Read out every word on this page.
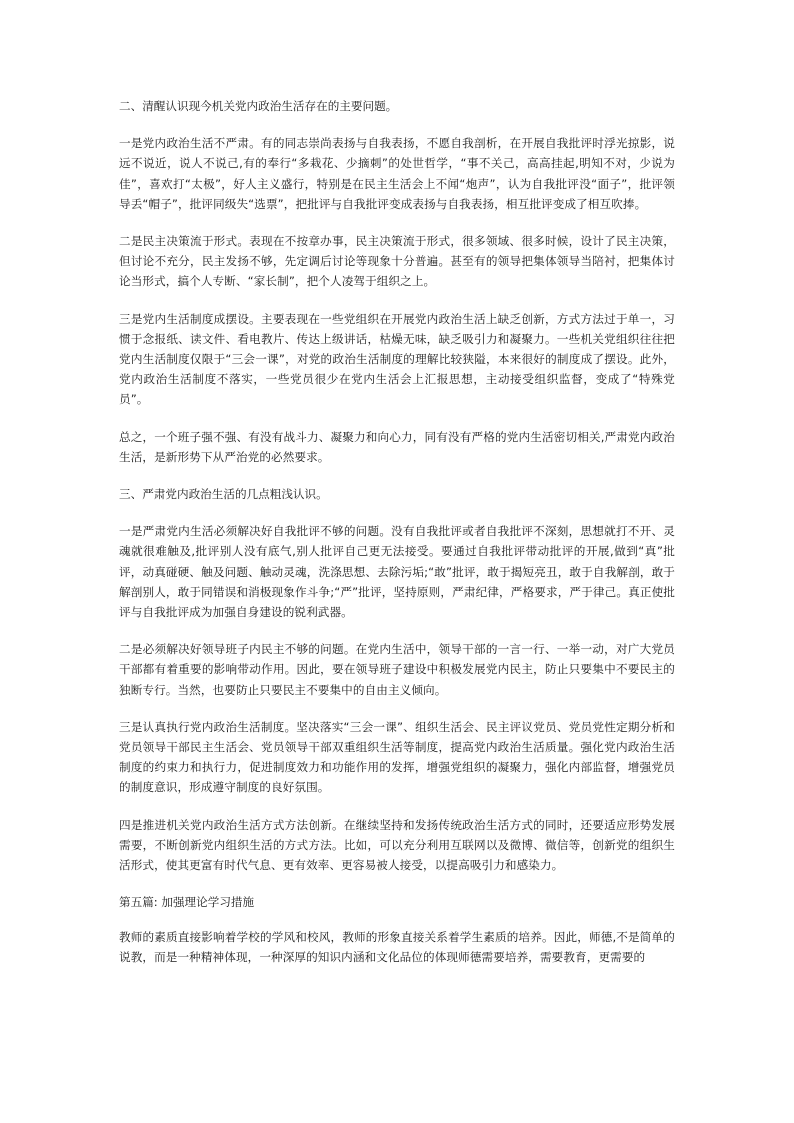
二、清醒认识现今机关党内政治生活存在的主要问题。

一是党内政治生活不严肃。有的同志崇尚表扬与自我表扬，不愿自我剖析，在开展自我批评时浮光掠影，说远不说近，说人不说己,有的奉行“多栽花、少摘刺”的处世哲学，“事不关己，高高挂起,明知不对，少说为佳”，喜欢打“太极”，好人主义盛行，特别是在民主生活会上不闻“炮声”，认为自我批评没“面子”，批评领导丢“帽子”，批评同级失“选票”，把批评与自我批评变成表扬与自我表扬，相互批评变成了相互吹捧。

二是民主决策流于形式。表现在不按章办事，民主决策流于形式，很多领域、很多时候，设计了民主决策，但讨论不充分，民主发扬不够，先定调后讨论等现象十分普遍。甚至有的领导把集体领导当陪衬，把集体讨论当形式，搞个人专断、“家长制”，把个人凌驾于组织之上。

三是党内生活制度成摆设。主要表现在一些党组织在开展党内政治生活上缺乏创新，方式方法过于单一，习惯于念报纸、读文件、看电教片、传达上级讲话，枯燥无味，缺乏吸引力和凝聚力。一些机关党组织往往把党内生活制度仅限于“三会一课”，对党的政治生活制度的理解比较狭隘，本来很好的制度成了摆设。此外，党内政治生活制度不落实，一些党员很少在党内生活会上汇报思想，主动接受组织监督，变成了“特殊党员”。

总之，一个班子强不强、有没有战斗力、凝聚力和向心力，同有没有严格的党内生活密切相关,严肃党内政治生活，是新形势下从严治党的必然要求。

三、严肃党内政治生活的几点粗浅认识。

一是严肃党内生活必须解决好自我批评不够的问题。没有自我批评或者自我批评不深刻，思想就打不开、灵魂就很难触及,批评别人没有底气,别人批评自己更无法接受。要通过自我批评带动批评的开展,做到“真”批评，动真碰硬、触及问题、触动灵魂，洗涤思想、去除污垢;“敢”批评，敢于揭短亮丑，敢于自我解剖，敢于解剖别人，敢于同错误和消极现象作斗争;“严”批评，坚持原则，严肃纪律，严格要求，严于律己。真正使批评与自我批评成为加强自身建设的锐利武器。

二是必须解决好领导班子内民主不够的问题。在党内生活中，领导干部的一言一行、一举一动，对广大党员干部都有着重要的影响带动作用。因此，要在领导班子建设中积极发展党内民主，防止只要集中不要民主的独断专行。当然，也要防止只要民主不要集中的自由主义倾向。

三是认真执行党内政治生活制度。坚决落实“三会一课”、组织生活会、民主评议党员、党员党性定期分析和党员领导干部民主生活会、党员领导干部双重组织生活等制度，提高党内政治生活质量。强化党内政治生活制度的约束力和执行力，促进制度效力和功能作用的发挥，增强党组织的凝聚力，强化内部监督，增强党员的制度意识，形成遵守制度的良好氛围。

四是推进机关党内政治生活方式方法创新。在继续坚持和发扬传统政治生活方式的同时，还要适应形势发展需要，不断创新党内组织生活的方式方法。比如，可以充分利用互联网以及微博、微信等，创新党的组织生活形式，使其更富有时代气息、更有效率、更容易被人接受，以提高吸引力和感染力。

第五篇: 加强理论学习措施

教师的素质直接影响着学校的学风和校风，教师的形象直接关系着学生素质的培养。因此，师德,不是简单的说教，而是一种精神体现，一种深厚的知识内涵和文化品位的体现师德需要培养，需要教育，更需要的
